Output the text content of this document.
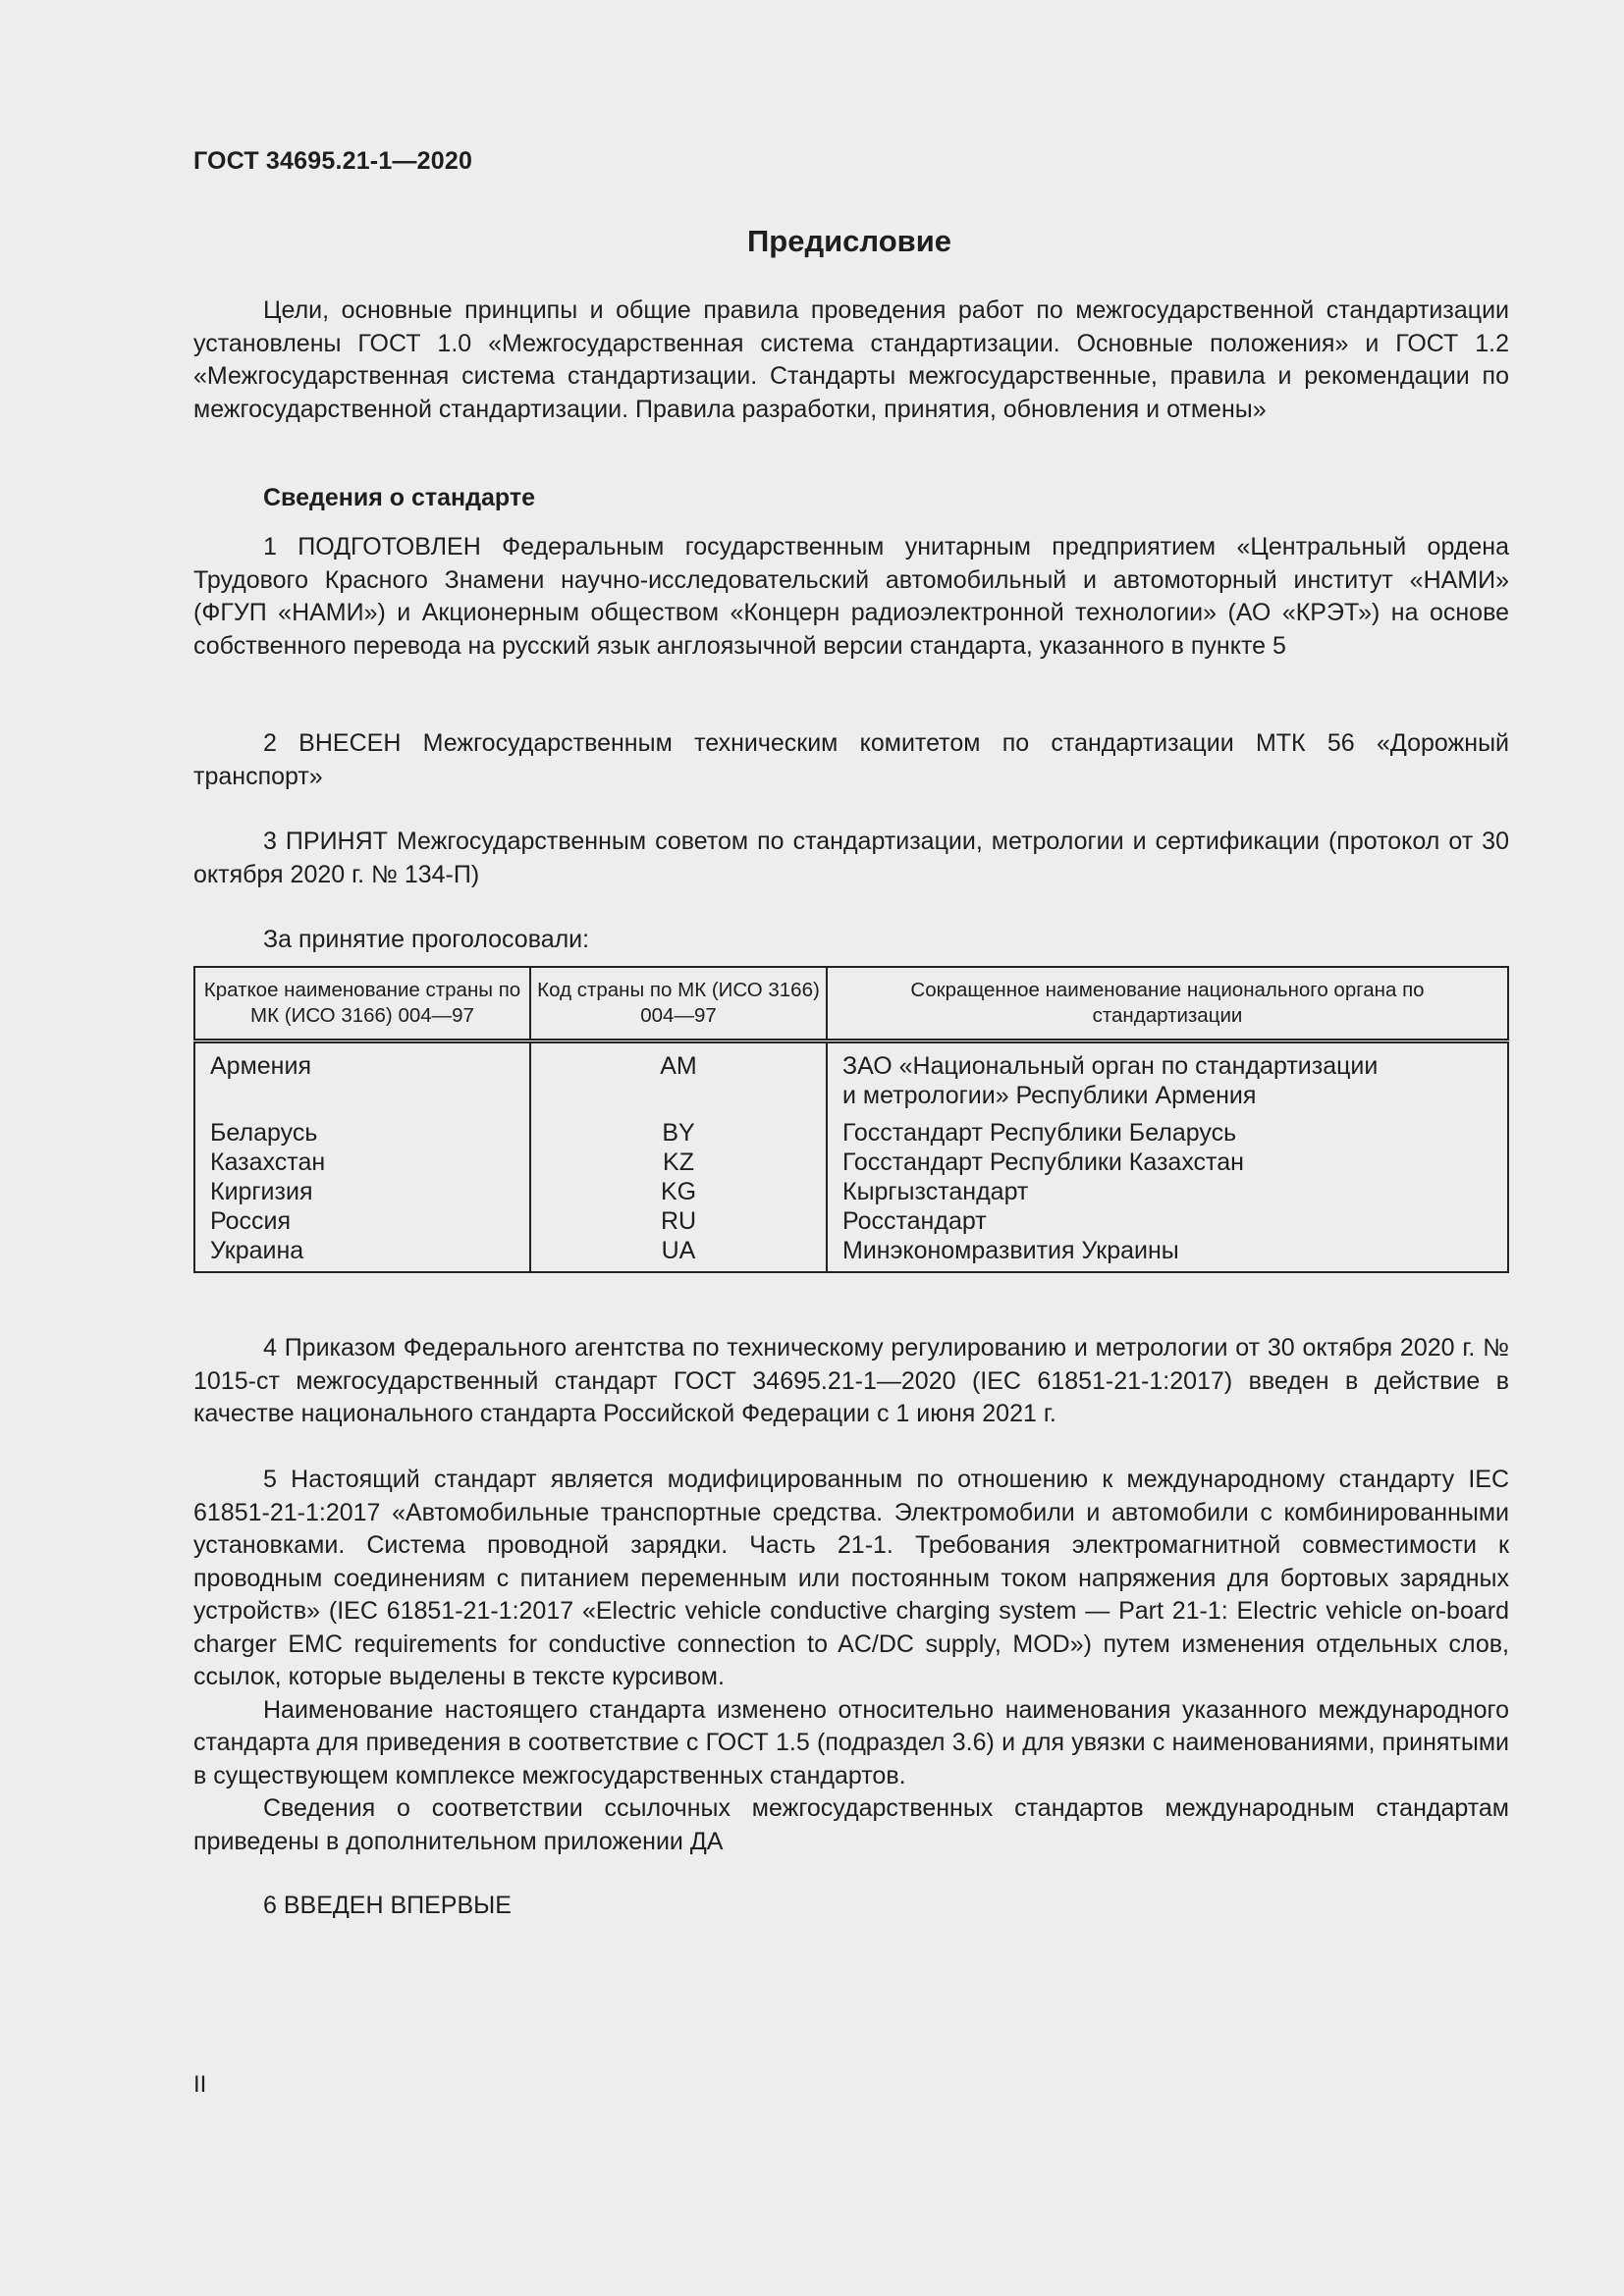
ГОСТ 34695.21-1—2020
Предисловие

Цели, основные принципы и общие правила проведения работ по межгосударственной стандартизации установлены ГОСТ 1.0 «Межгосударственная система стандартизации. Основные положения» и ГОСТ 1.2 «Межгосударственная система стандартизации. Стандарты межгосударственные, правила и рекомендации по межгосударственной стандартизации. Правила разработки, принятия, обновления и отмены»

Сведения о стандарте

1 ПОДГОТОВЛЕН Федеральным государственным унитарным предприятием «Центральный ордена Трудового Красного Знамени научно-исследовательский автомобильный и автомоторный институт «НАМИ» (ФГУП «НАМИ») и Акционерным обществом «Концерн радиоэлектронной технологии» (АО «КРЭТ») на основе собственного перевода на русский язык англоязычной версии стандарта, указанного в пункте 5

2 ВНЕСЕН Межгосударственным техническим комитетом по стандартизации МТК 56 «Дорожный транспорт»

3 ПРИНЯТ Межгосударственным советом по стандартизации, метрологии и сертификации (протокол от 30 октября 2020 г. № 134-П)

За принятие проголосовали:

Краткое наименование страны по МК (ИСО 3166) 004—97	Код страны по МК (ИСО 3166) 004—97	Сокращенное наименование национального органа по стандартизации
Армения	AM	ЗАО «Национальный орган по стандартизации
и метрологии» Республики Армения

Беларусь	BY	Госстандарт Республики Беларусь
Казахстан	KZ	Госстандарт Республики Казахстан
Киргизия	KG	Кыргызстандарт
Россия	RU	Росстандарт
Украина	UA	Минэкономразвития Украины

4 Приказом Федерального агентства по техническому регулированию и метрологии от 30 октября 2020 г. № 1015-ст межгосударственный стандарт ГОСТ 34695.21-1—2020 (IEC 61851-21-1:2017) введен в действие в качестве национального стандарта Российской Федерации с 1 июня 2021 г.

5 Настоящий стандарт является модифицированным по отношению к международному стандарту IEC 61851-21-1:2017 «Автомобильные транспортные средства. Электромобили и автомобили с комбинированными установками. Система проводной зарядки. Часть 21-1. Требования электромагнитной совместимости к проводным соединениям с питанием переменным или постоянным током напряжения для бортовых зарядных устройств» (IEC 61851-21-1:2017 «Electric vehicle conductive charging system — Part 21-1: Electric vehicle on-board charger EMC requirements for conductive connection to AC/DC supply, MOD») путем изменения отдельных слов, ссылок, которые выделены в тексте курсивом.

Наименование настоящего стандарта изменено относительно наименования указанного международного стандарта для приведения в соответствие с ГОСТ 1.5 (подраздел 3.6) и для увязки с наименованиями, принятыми в существующем комплексе межгосударственных стандартов.

Сведения о соответствии ссылочных межгосударственных стандартов международным стандартам приведены в дополнительном приложении ДА

6 ВВЕДЕН ВПЕРВЫЕ

II
